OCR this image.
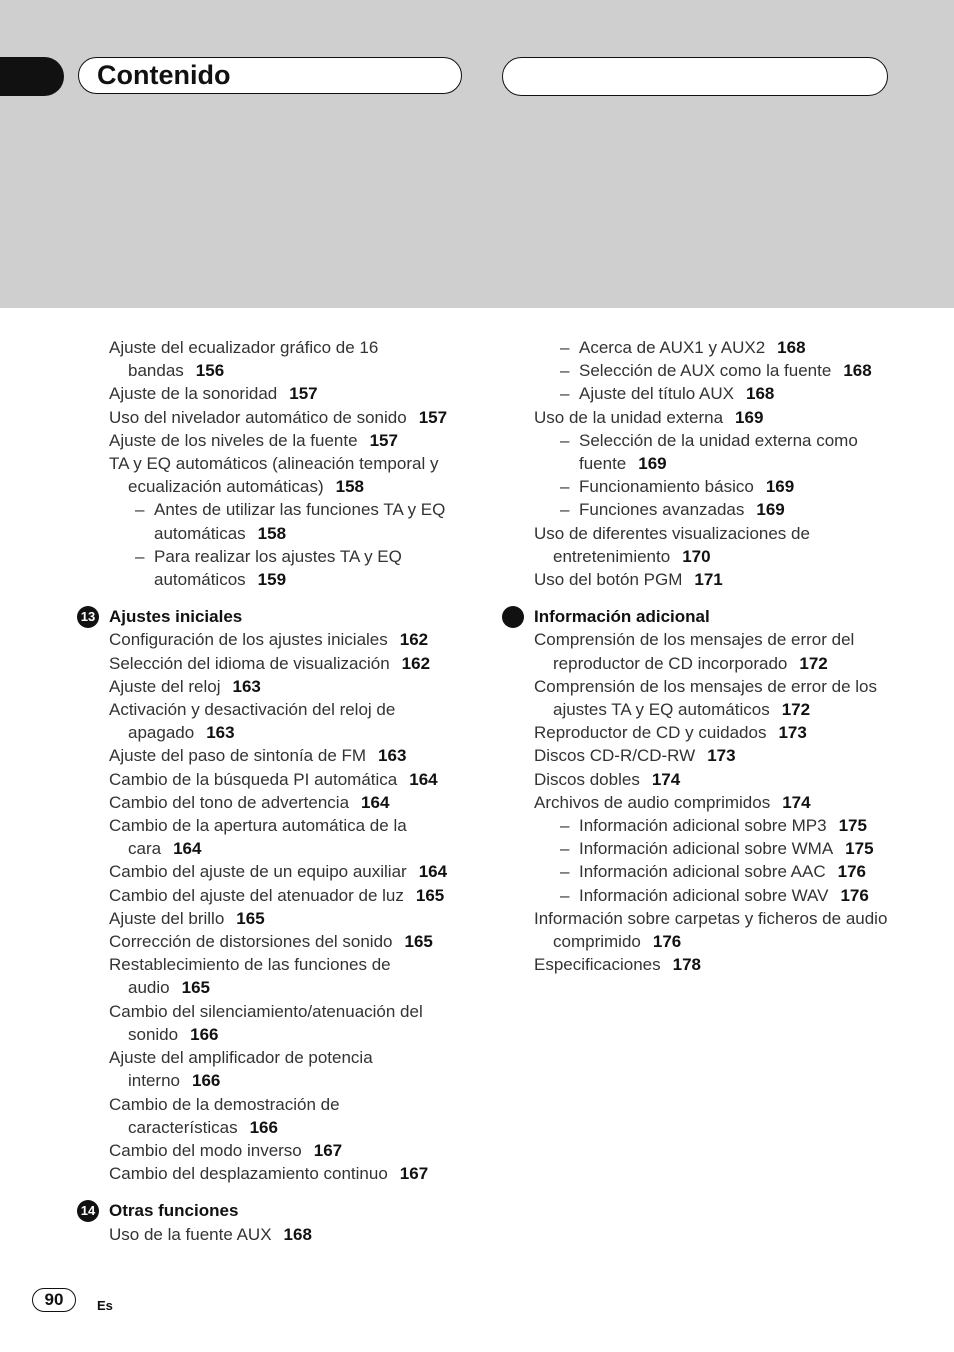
Contenido
Ajuste del ecualizador gráfico de 16 bandas 156
Ajuste de la sonoridad 157
Uso del nivelador automático de sonido 157
Ajuste de los niveles de la fuente 157
TA y EQ automáticos (alineación temporal y ecualización automáticas) 158
– Antes de utilizar las funciones TA y EQ automáticas 158
– Para realizar los ajustes TA y EQ automáticos 159
13 Ajustes iniciales
Configuración de los ajustes iniciales 162
Selección del idioma de visualización 162
Ajuste del reloj 163
Activación y desactivación del reloj de apagado 163
Ajuste del paso de sintonía de FM 163
Cambio de la búsqueda PI automática 164
Cambio del tono de advertencia 164
Cambio de la apertura automática de la cara 164
Cambio del ajuste de un equipo auxiliar 164
Cambio del ajuste del atenuador de luz 165
Ajuste del brillo 165
Corrección de distorsiones del sonido 165
Restablecimiento de las funciones de audio 165
Cambio del silenciamiento/atenuación del sonido 166
Ajuste del amplificador de potencia interno 166
Cambio de la demostración de características 166
Cambio del modo inverso 167
Cambio del desplazamiento continuo 167
14 Otras funciones
Uso de la fuente AUX 168
– Acerca de AUX1 y AUX2 168
– Selección de AUX como la fuente 168
– Ajuste del título AUX 168
Uso de la unidad externa 169
– Selección de la unidad externa como fuente 169
– Funcionamiento básico 169
– Funciones avanzadas 169
Uso de diferentes visualizaciones de entretenimiento 170
Uso del botón PGM 171
Información adicional
Comprensión de los mensajes de error del reproductor de CD incorporado 172
Comprensión de los mensajes de error de los ajustes TA y EQ automáticos 172
Reproductor de CD y cuidados 173
Discos CD-R/CD-RW 173
Discos dobles 174
Archivos de audio comprimidos 174
– Información adicional sobre MP3 175
– Información adicional sobre WMA 175
– Información adicional sobre AAC 176
– Información adicional sobre WAV 176
Información sobre carpetas y ficheros de audio comprimido 176
Especificaciones 178
90	Es
